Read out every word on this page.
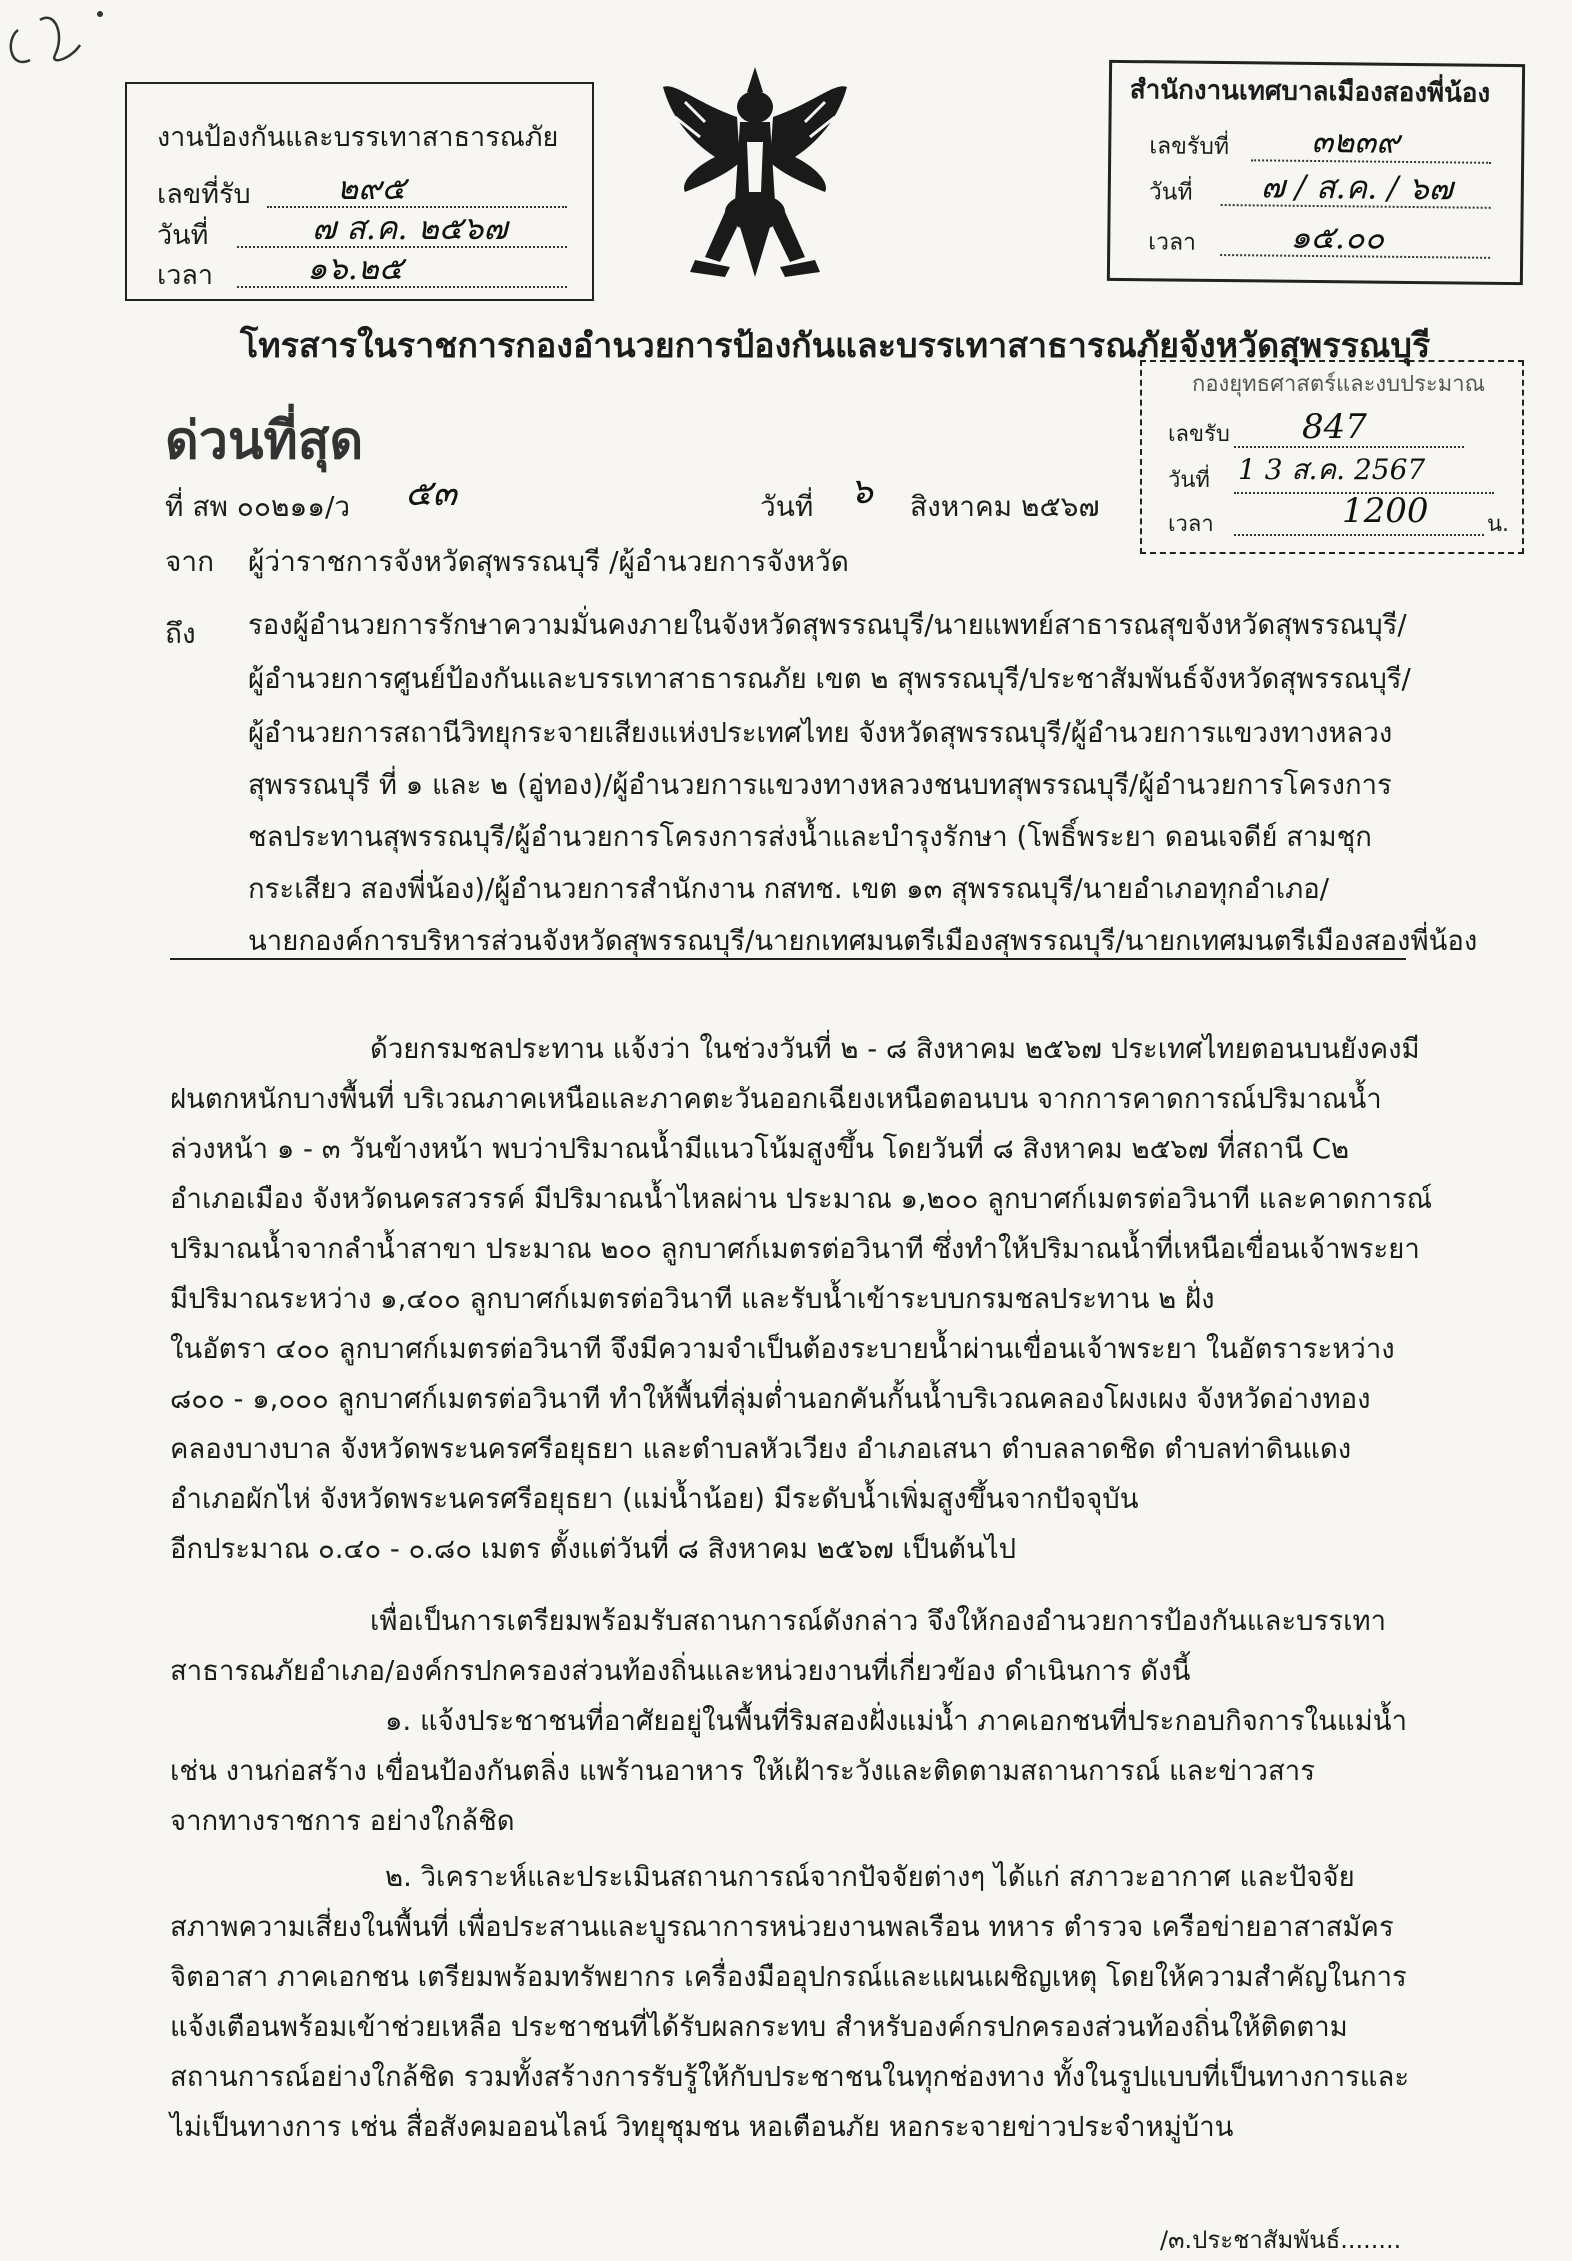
งานป้องกันและบรรเทาสาธารณภัย
เลขที่รับ	๒๙๕
วันที่	๗ ส.ค. ๒๕๖๗
เวลา	๑๖.๒๕
สำนักงานเทศบาลเมืองสองพี่น้อง
เลขรับที่	๓๒๓๙
วันที่ ๗ / ส.ค. / ๖๗
เวลา	๑๕.๐๐
โทรสารในราชการกองอำนวยการป้องกันและบรรเทาสาธารณภัยจังหวัดสุพรรณบุรี
กองยุทธศาสตร์และงบประมาณ
เลขรับ 847
วันที่ 1 3 ส.ค. 2567
เวลา	1200	น.
ด่วนที่สุด
ที่ สพ ๐๐๒๑๑/ว ๕๓	วันที่ ๖ สิงหาคม ๒๕๖๗
จาก ผู้ว่าราชการจังหวัดสุพรรณบุรี /ผู้อำนวยการจังหวัด
ถึง รองผู้อำนวยการรักษาความมั่นคงภายในจังหวัดสุพรรณบุรี/นายแพทย์สาธารณสุขจังหวัดสุพรรณบุรี/
ผู้อำนวยการศูนย์ป้องกันและบรรเทาสาธารณภัย เขต ๒ สุพรรณบุรี/ประชาสัมพันธ์จังหวัดสุพรรณบุรี/
ผู้อำนวยการสถานีวิทยุกระจายเสียงแห่งประเทศไทย จังหวัดสุพรรณบุรี/ผู้อำนวยการแขวงทางหลวง
สุพรรณบุรี ที่ ๑ และ ๒ (อู่ทอง)/ผู้อำนวยการแขวงทางหลวงชนบทสุพรรณบุรี/ผู้อำนวยการโครงการ
ชลประทานสุพรรณบุรี/ผู้อำนวยการโครงการส่งน้ำและบำรุงรักษา (โพธิ์พระยา ดอนเจดีย์ สามชุก
กระเสียว สองพี่น้อง)/ผู้อำนวยการสำนักงาน กสทช. เขต ๑๓ สุพรรณบุรี/นายอำเภอทุกอำเภอ/
นายกองค์การบริหารส่วนจังหวัดสุพรรณบุรี/นายกเทศมนตรีเมืองสุพรรณบุรี/นายกเทศมนตรีเมืองสองพี่น้อง
ด้วยกรมชลประทาน แจ้งว่า ในช่วงวันที่ ๒ - ๘ สิงหาคม ๒๕๖๗ ประเทศไทยตอนบนยังคงมี
ฝนตกหนักบางพื้นที่ บริเวณภาคเหนือและภาคตะวันออกเฉียงเหนือตอนบน จากการคาดการณ์ปริมาณน้ำ
ล่วงหน้า ๑ - ๓ วันข้างหน้า พบว่าปริมาณน้ำมีแนวโน้มสูงขึ้น โดยวันที่ ๘ สิงหาคม ๒๕๖๗ ที่สถานี C๒
อำเภอเมือง จังหวัดนครสวรรค์ มีปริมาณน้ำไหลผ่าน ประมาณ ๑,๒๐๐ ลูกบาศก์เมตรต่อวินาที และคาดการณ์
ปริมาณน้ำจากลำน้ำสาขา ประมาณ ๒๐๐ ลูกบาศก์เมตรต่อวินาที ซึ่งทำให้ปริมาณน้ำที่เหนือเขื่อนเจ้าพระยา
มีปริมาณระหว่าง ๑,๔๐๐ ลูกบาศก์เมตรต่อวินาที และรับน้ำเข้าระบบกรมชลประทาน ๒ ฝั่ง
ในอัตรา ๔๐๐ ลูกบาศก์เมตรต่อวินาที จึงมีความจำเป็นต้องระบายน้ำผ่านเขื่อนเจ้าพระยา ในอัตราระหว่าง
๘๐๐ - ๑,๐๐๐ ลูกบาศก์เมตรต่อวินาที ทำให้พื้นที่ลุ่มต่ำนอกคันกั้นน้ำบริเวณคลองโผงเผง จังหวัดอ่างทอง
คลองบางบาล จังหวัดพระนครศรีอยุธยา และตำบลหัวเวียง อำเภอเสนา ตำบลลาดชิด ตำบลท่าดินแดง
อำเภอผักไห่ จังหวัดพระนครศรีอยุธยา (แม่น้ำน้อย) มีระดับน้ำเพิ่มสูงขึ้นจากปัจจุบัน
อีกประมาณ ๐.๔๐ - ๐.๘๐ เมตร ตั้งแต่วันที่ ๘ สิงหาคม ๒๕๖๗ เป็นต้นไป
เพื่อเป็นการเตรียมพร้อมรับสถานการณ์ดังกล่าว จึงให้กองอำนวยการป้องกันและบรรเทา
สาธารณภัยอำเภอ/องค์กรปกครองส่วนท้องถิ่นและหน่วยงานที่เกี่ยวข้อง ดำเนินการ ดังนี้
๑. แจ้งประชาชนที่อาศัยอยู่ในพื้นที่ริมสองฝั่งแม่น้ำ ภาคเอกชนที่ประกอบกิจการในแม่น้ำ
เช่น งานก่อสร้าง เขื่อนป้องกันตลิ่ง แพร้านอาหาร ให้เฝ้าระวังและติดตามสถานการณ์ และข่าวสาร
จากทางราชการ อย่างใกล้ชิด
๒. วิเคราะห์และประเมินสถานการณ์จากปัจจัยต่างๆ ได้แก่ สภาวะอากาศ และปัจจัย
สภาพความเสี่ยงในพื้นที่ เพื่อประสานและบูรณาการหน่วยงานพลเรือน ทหาร ตำรวจ เครือข่ายอาสาสมัคร
จิตอาสา ภาคเอกชน เตรียมพร้อมทรัพยากร เครื่องมืออุปกรณ์และแผนเผชิญเหตุ โดยให้ความสำคัญในการ
แจ้งเตือนพร้อมเข้าช่วยเหลือ ประชาชนที่ได้รับผลกระทบ สำหรับองค์กรปกครองส่วนท้องถิ่นให้ติดตาม
สถานการณ์อย่างใกล้ชิด รวมทั้งสร้างการรับรู้ให้กับประชาชนในทุกช่องทาง ทั้งในรูปแบบที่เป็นทางการและ
ไม่เป็นทางการ เช่น สื่อสังคมออนไลน์ วิทยุชุมชน หอเตือนภัย หอกระจายข่าวประจำหมู่บ้าน
/๓.ประชาสัมพันธ์........
